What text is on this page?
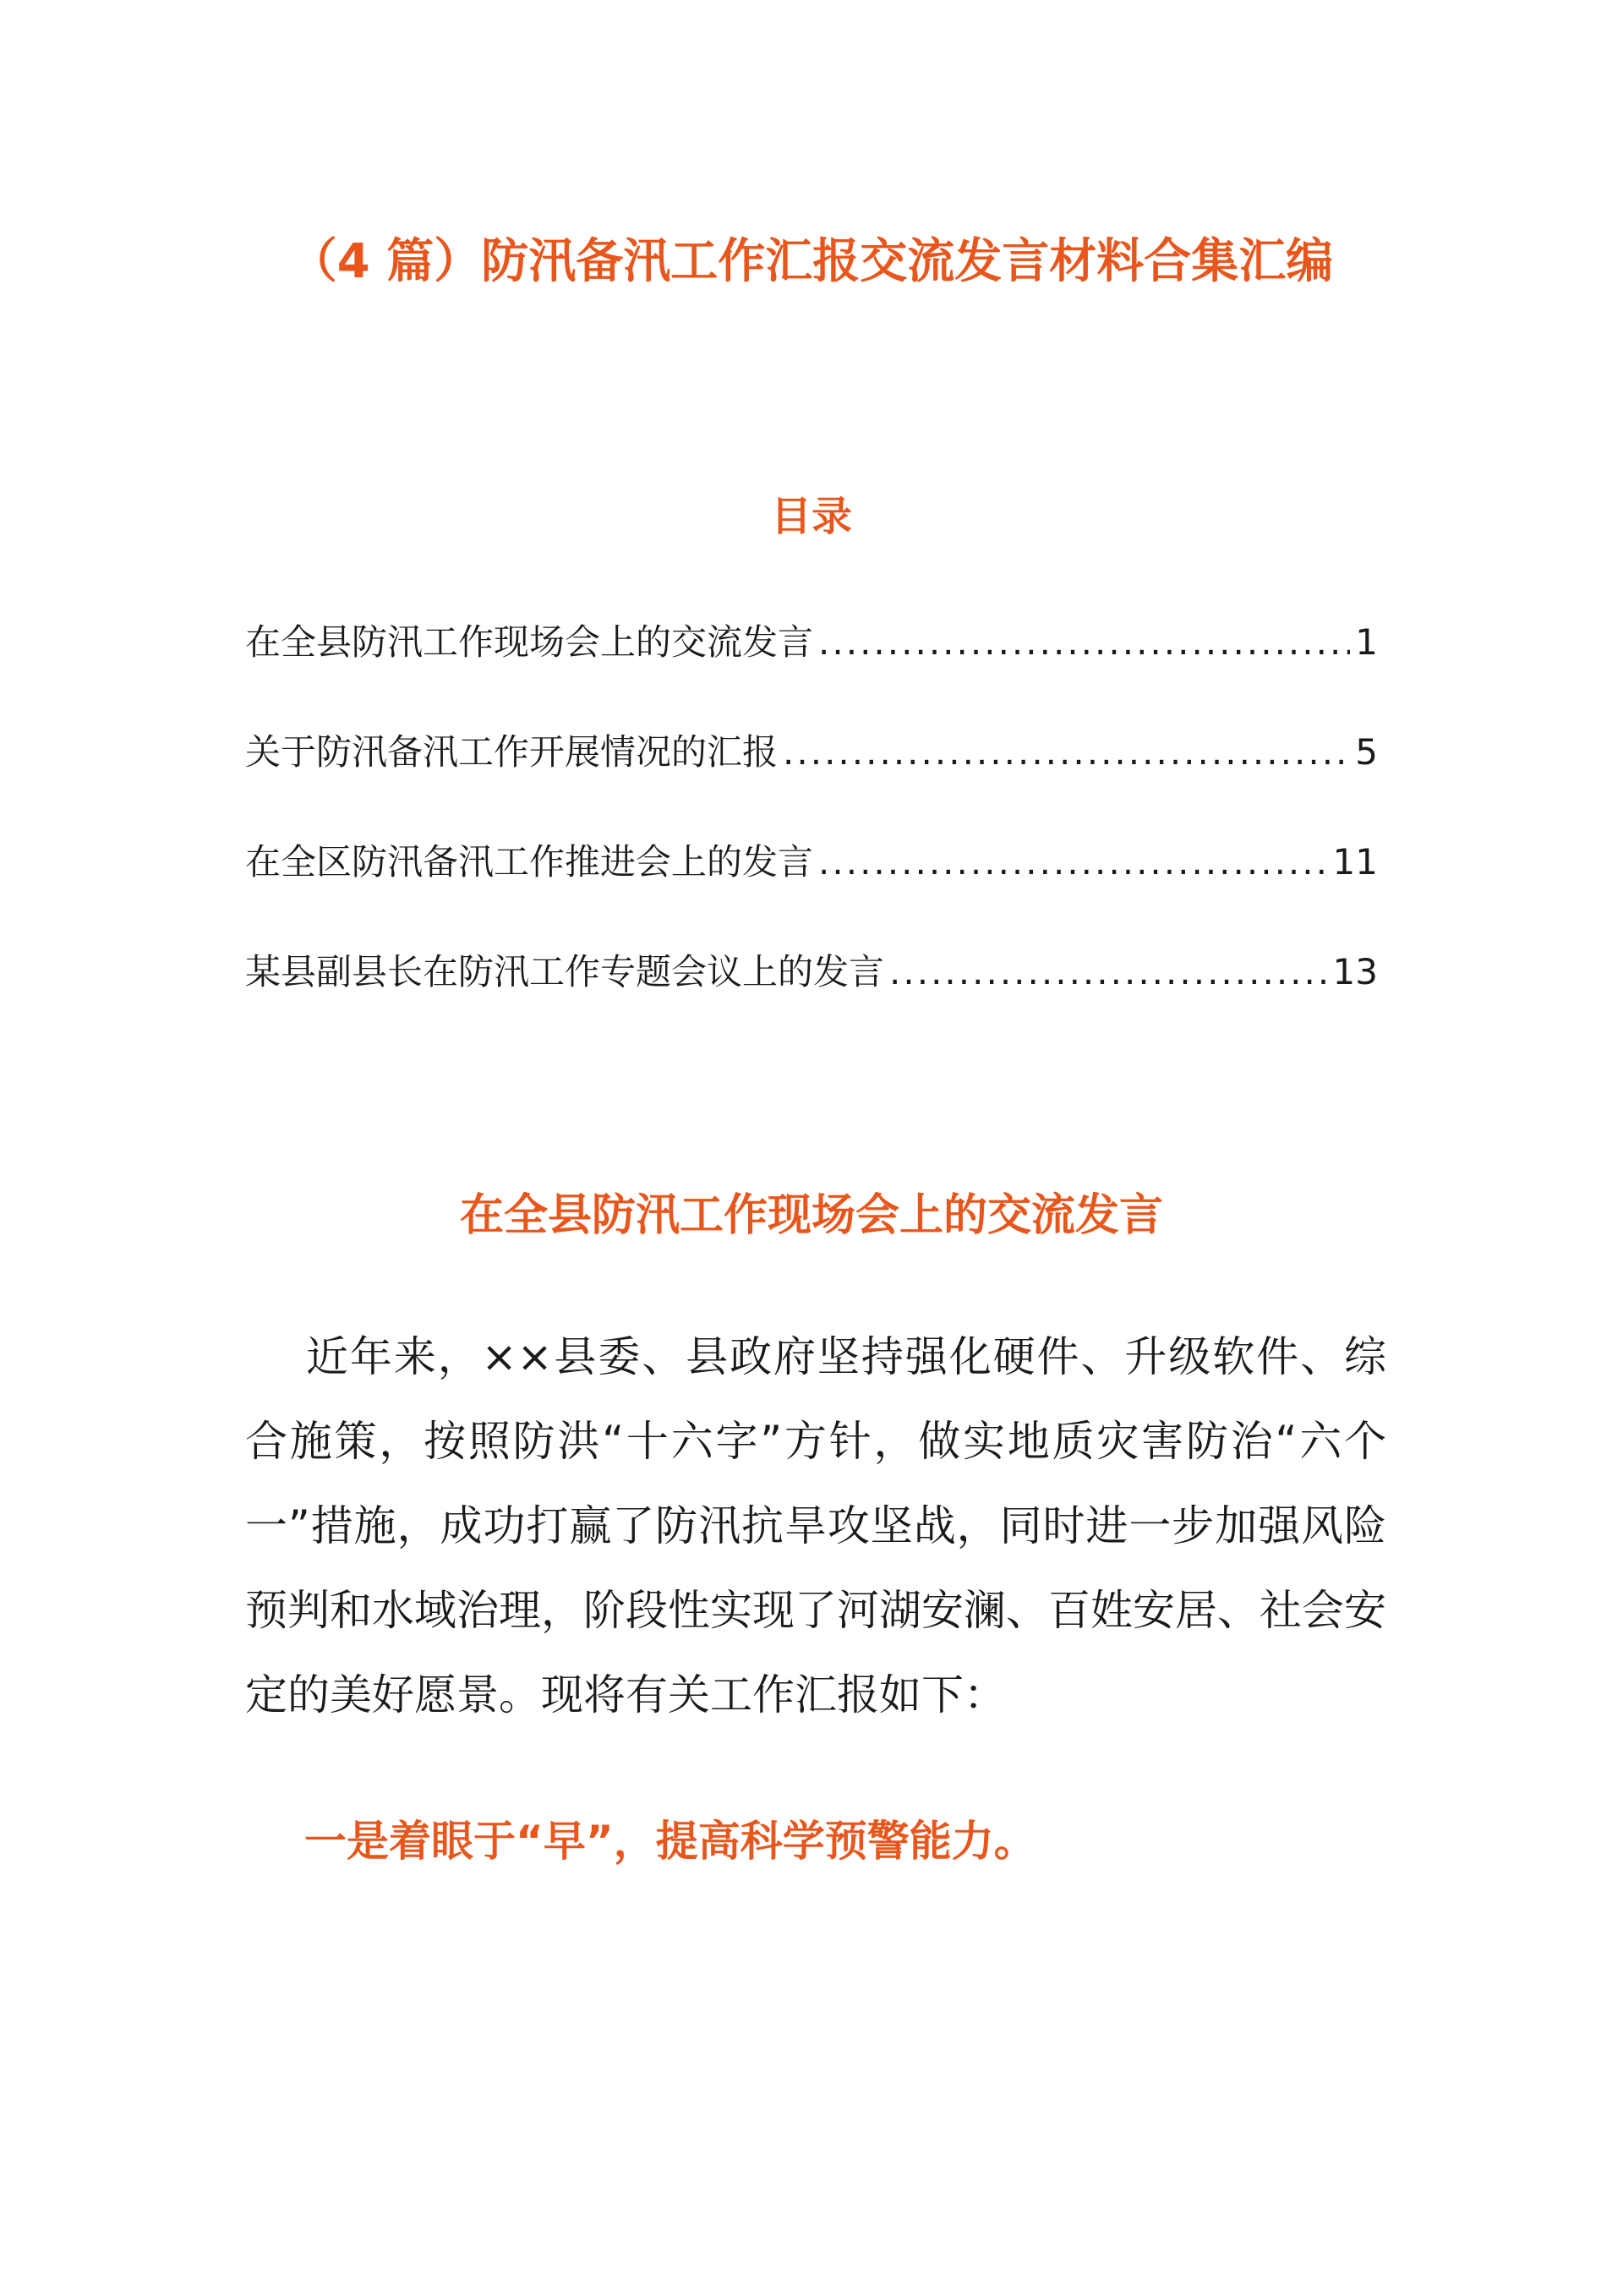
（4 篇）防汛备汛工作汇报交流发言材料合集汇编
目录
在全县防汛工作现场会上的交流发言 .....	1
关于防汛备汛工作开展情况的汇报 .....	5
在全区防汛备汛工作推进会上的发言 .....	11
某县副县长在防汛工作专题会议上的发言 .....	13
在全县防汛工作现场会上的交流发言

近年来，××县委、县政府坚持强化硬件、升级软件、综合施策，按照防洪“十六字”方针，做实地质灾害防治“六个一”措施，成功打赢了防汛抗旱攻坚战，同时进一步加强风险预判和水域治理，阶段性实现了河湖安澜、百姓安居、社会安定的美好愿景。现将有关工作汇报如下：

一是着眼于“早”，提高科学预警能力。
